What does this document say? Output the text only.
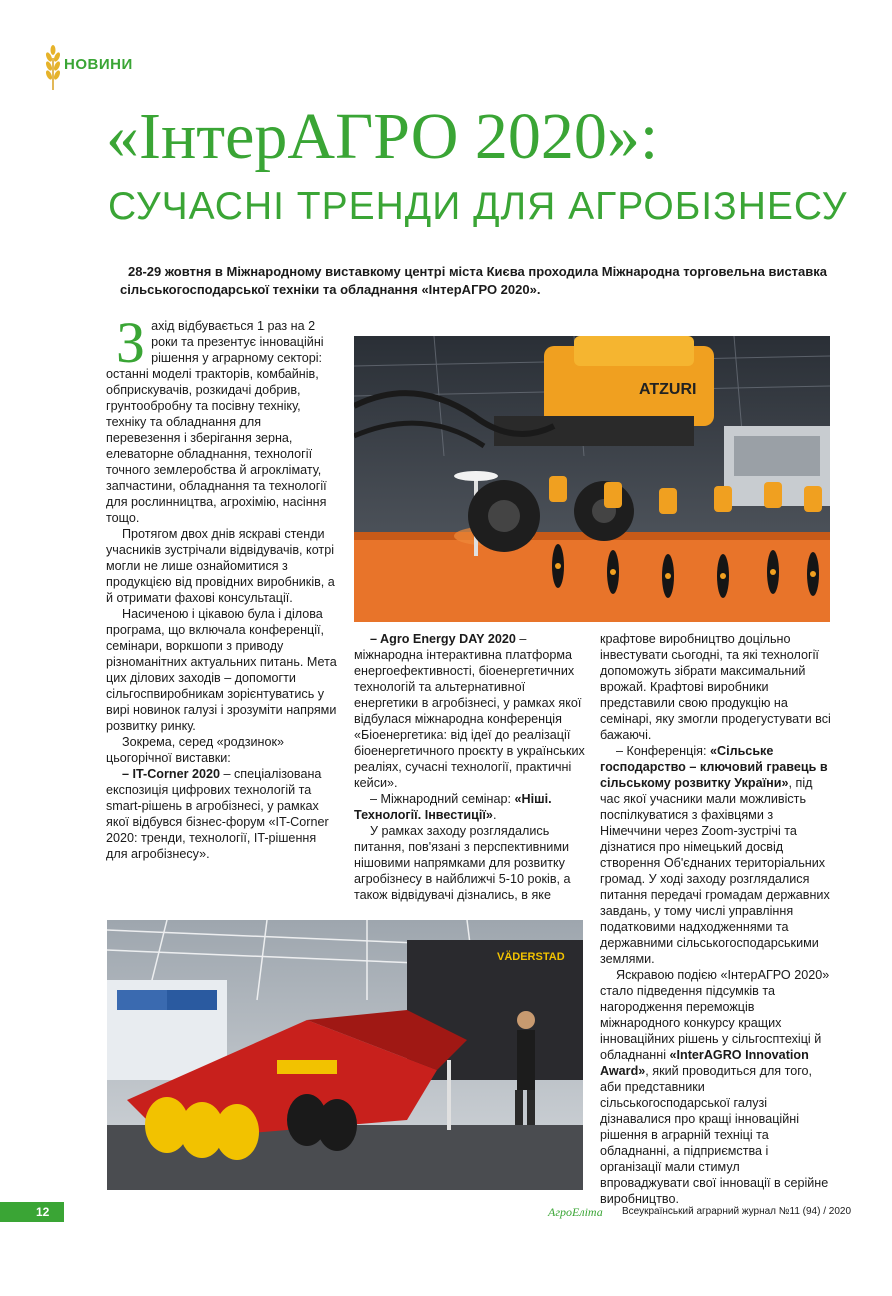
НОВИНИ
«ІнтерАГРО 2020»:
СУЧАСНІ ТРЕНДИ ДЛЯ АГРОБІЗНЕСУ
28-29 жовтня в Міжнародному виставкому центрі міста Києва проходила Міжнародна торговельна виставка сільськогосподарської техніки та обладнання «ІнтерАГРО 2020».

Захід відбувається 1 раз на 2 роки та презентує інноваційні рішення у аграрному секторі: останні моделі тракторів, комбайнів, обприскувачів, розкидачі добрив, грунтообробну та посівну техніку, техніку та обладнання для перевезення і зберігання зерна, елеваторне обладнання, технології точного землеробства й агроклімату, запчастини, обладнання та технології для рослинництва, агрохімію, насіння тощо.

Протягом двох днів яскраві стенди учасників зустрічали відвідувачів, котрі могли не лише ознайомитися з продукцією від провідних виробників, а й отримати фахові консультації.

Насиченою і цікавою була і ділова програма, що включала конференції, семінари, воркшопи з приводу різноманітних актуальних питань. Мета цих ділових заходів – допомогти сільгоспвиробникам зорієнтуватись у вирі новинок галузі і зрозуміти напрями розвитку ринку.

Зокрема, серед «родзинок» цьогорічної виставки:

– IT-Corner 2020 – спеціалізована експозиція цифрових технологій та smart-рішень в агробізнесі, у рамках якої відбувся бізнес-форум «IT-Corner 2020: тренди, технології, IT-рішення для агробізнесу».

ATZURI

– Agro Energy DAY 2020 – міжнародна інтерактивна платформа енергоефективності, біоенергетичних технологій та альтернативної енергетики в агробізнесі, у рамках якої відбулася міжнародна конференція «Біоенергетика: від ідеї до реалізації біоенергетичного проєкту в українських реаліях, сучасні технології, практичні кейси».

– Міжнародний семінар: «Ніші. Технології. Інвестиції».

У рамках заходу розглядались питання, пов'язані з перспективними нішовими напрямками для розвитку агробізнесу в найближчі 5-10 років, а також відвідувачі дізнались, в яке

крафтове виробництво доцільно інвестувати сьогодні, та які технології допоможуть зібрати максимальний врожай. Крафтові виробники представили свою продукцію на семінарі, яку змогли продегустувати всі бажаючі.

– Конференція: «Сільське господарство – ключовий гравець в сільському розвитку України», під час якої учасники мали можливість поспілкуватися з фахівцями з Німеччини через Zoom-зустрічі та дізнатися про німецький досвід створення Об'єднаних територіальних громад. У ході заходу розглядалися питання передачі громадам державних завдань, у тому числі управління податковими надходженнями та державними сільськогосподарськими землями.

Яскравою подією «ІнтерАГРО 2020» стало підведення підсумків та нагородження переможців міжнародного конкурсу кращих інноваційних рішень у сільгосптехіці й обладнанні «InterAGRO Innovation Award», який проводиться для того, аби представники сільськогосподарської галузі дізнавалися про кращі інноваційні рішення в аграрній техніці та обладнанні, а підприємства і організації мали стимул впроваджувати свої інновації в серійне виробництво.

VÄDERSTAD
12	АгроЕліта Всеукраїнський аграрний журнал №11 (94) / 2020
